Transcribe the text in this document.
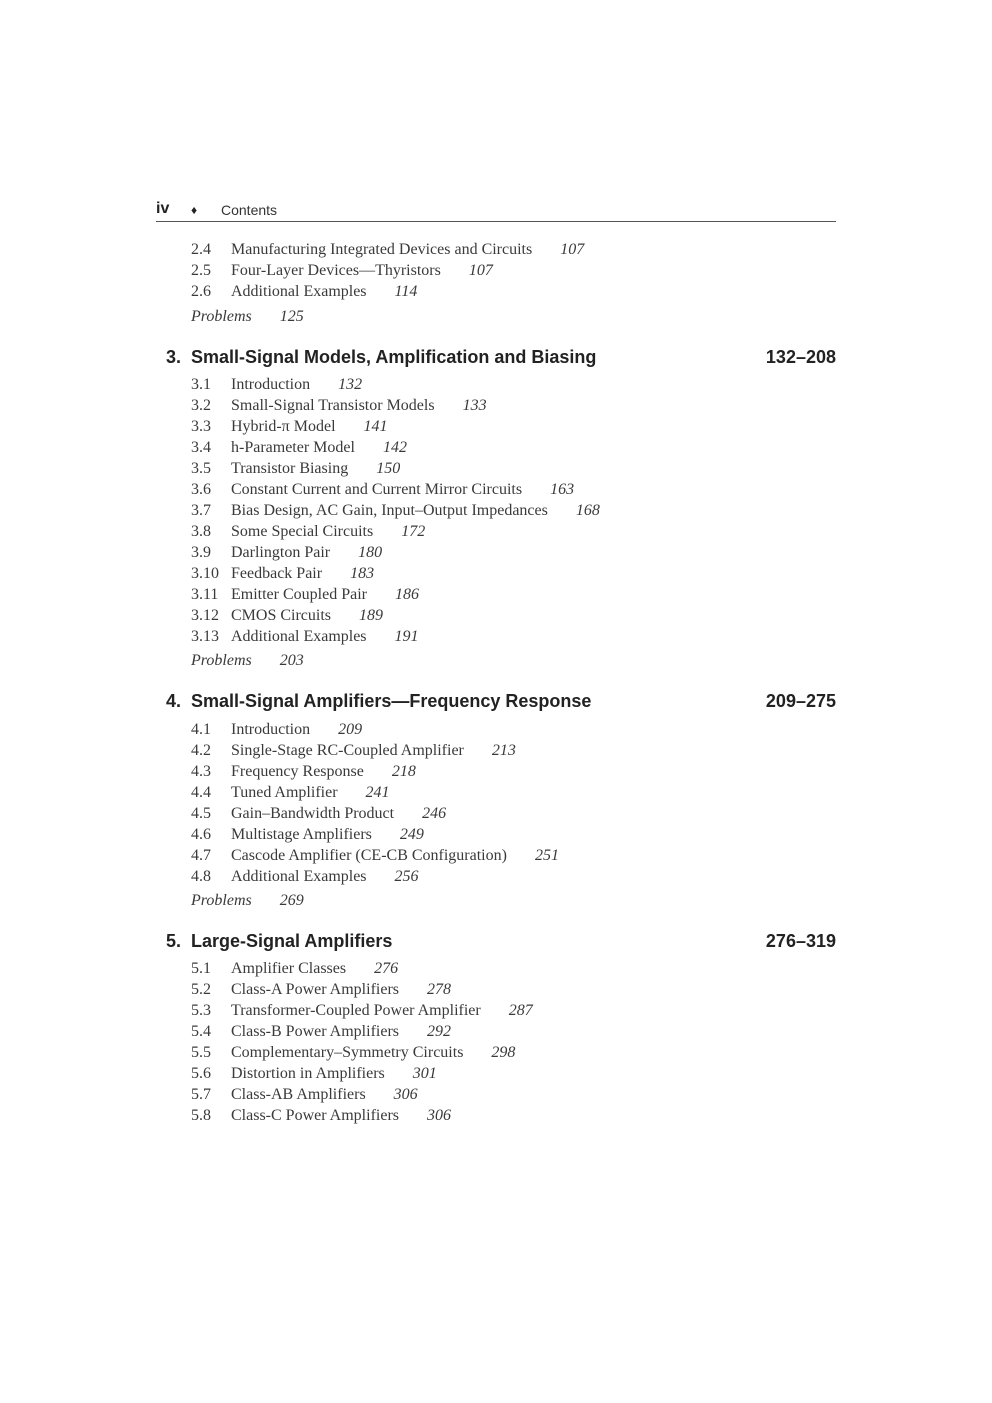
iv ♦ Contents
2.4 Manufacturing Integrated Devices and Circuits 107
2.5 Four-Layer Devices—Thyristors 107
2.6 Additional Examples 114
Problems 125
3. Small-Signal Models, Amplification and Biasing	132–208
3.1 Introduction 132
3.2 Small-Signal Transistor Models 133
3.3 Hybrid-π Model 141
3.4 h-Parameter Model 142
3.5 Transistor Biasing 150
3.6 Constant Current and Current Mirror Circuits 163
3.7 Bias Design, AC Gain, Input–Output Impedances 168
3.8 Some Special Circuits 172
3.9 Darlington Pair 180
3.10 Feedback Pair 183
3.11 Emitter Coupled Pair 186
3.12 CMOS Circuits 189
3.13 Additional Examples 191
Problems 203
4. Small-Signal Amplifiers—Frequency Response	209–275
4.1 Introduction 209
4.2 Single-Stage RC-Coupled Amplifier 213
4.3 Frequency Response 218
4.4 Tuned Amplifier 241
4.5 Gain–Bandwidth Product 246
4.6 Multistage Amplifiers 249
4.7 Cascode Amplifier (CE-CB Configuration) 251
4.8 Additional Examples 256
Problems 269
5. Large-Signal Amplifiers	276–319
5.1 Amplifier Classes 276
5.2 Class-A Power Amplifiers 278
5.3 Transformer-Coupled Power Amplifier 287
5.4 Class-B Power Amplifiers 292
5.5 Complementary–Symmetry Circuits 298
5.6 Distortion in Amplifiers 301
5.7 Class-AB Amplifiers 306
5.8 Class-C Power Amplifiers 306
